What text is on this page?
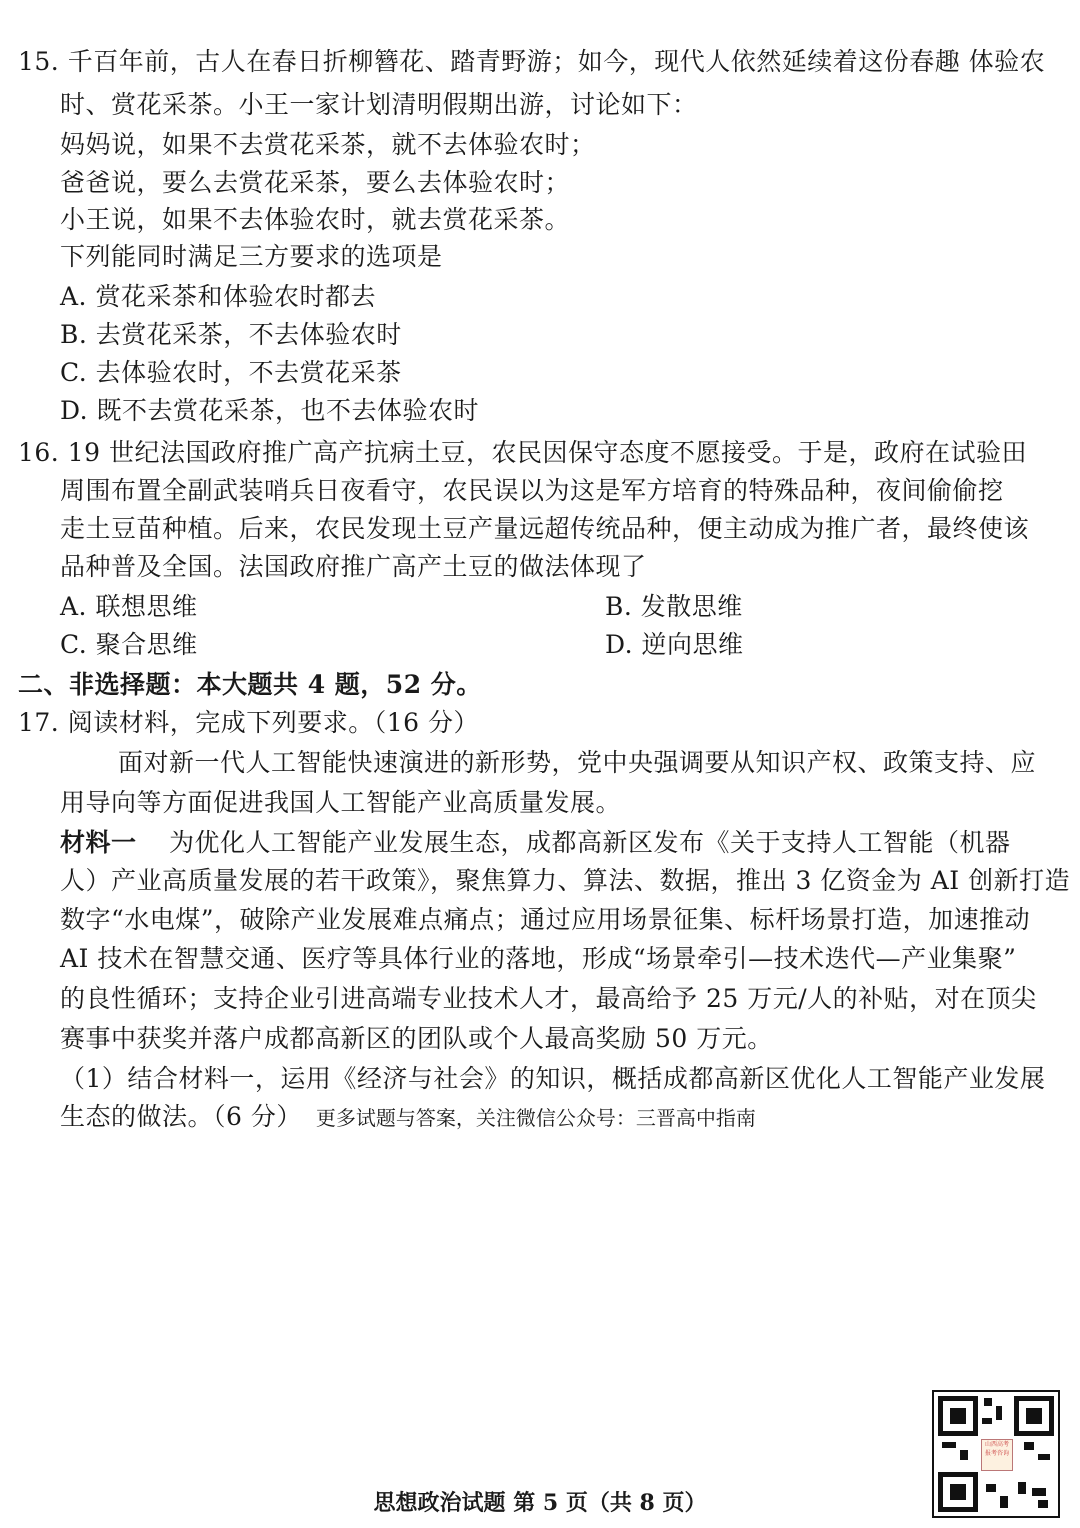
15. 千百年前，古人在春日折柳簪花、踏青野游；如今，现代人依然延续着这份春趣 体验农
时、赏花采茶。小王一家计划清明假期出游，讨论如下：
妈妈说，如果不去赏花采茶，就不去体验农时；
爸爸说，要么去赏花采茶，要么去体验农时；
小王说，如果不去体验农时，就去赏花采茶。
下列能同时满足三方要求的选项是
A. 赏花采茶和体验农时都去
B. 去赏花采茶，不去体验农时
C. 去体验农时，不去赏花采茶
D. 既不去赏花采茶，也不去体验农时
16. 19 世纪法国政府推广高产抗病土豆，农民因保守态度不愿接受。于是，政府在试验田
周围布置全副武装哨兵日夜看守，农民误以为这是军方培育的特殊品种，夜间偷偷挖
走土豆苗种植。后来，农民发现土豆产量远超传统品种，便主动成为推广者，最终使该
品种普及全国。法国政府推广高产土豆的做法体现了
A. 联想思维	B. 发散思维
C. 聚合思维	D. 逆向思维
二、非选择题：本大题共 4 题，52 分。
17. 阅读材料，完成下列要求。（16 分）
面对新一代人工智能快速演进的新形势，党中央强调要从知识产权、政策支持、应
用导向等方面促进我国人工智能产业高质量发展。
材料一 为优化人工智能产业发展生态，成都高新区发布《关于支持人工智能（机器
人）产业高质量发展的若干政策》，聚焦算力、算法、数据，推出 3 亿资金为 AI 创新打造
数字“水电煤”，破除产业发展难点痛点；通过应用场景征集、标杆场景打造，加速推动
AI 技术在智慧交通、医疗等具体行业的落地，形成“场景牵引—技术迭代—产业集聚”
的良性循环；支持企业引进高端专业技术人才，最高给予 25 万元/人的补贴，对在顶尖
赛事中获奖并落户成都高新区的团队或个人最高奖励 50 万元。
（1）结合材料一，运用《经济与社会》的知识，概括成都高新区优化人工智能产业发展
生态的做法。（6 分） 更多试题与答案，关注微信公众号：三晋高中指南
山西高考 报考咨询
思想政治试题 第 5 页（共 8 页）
